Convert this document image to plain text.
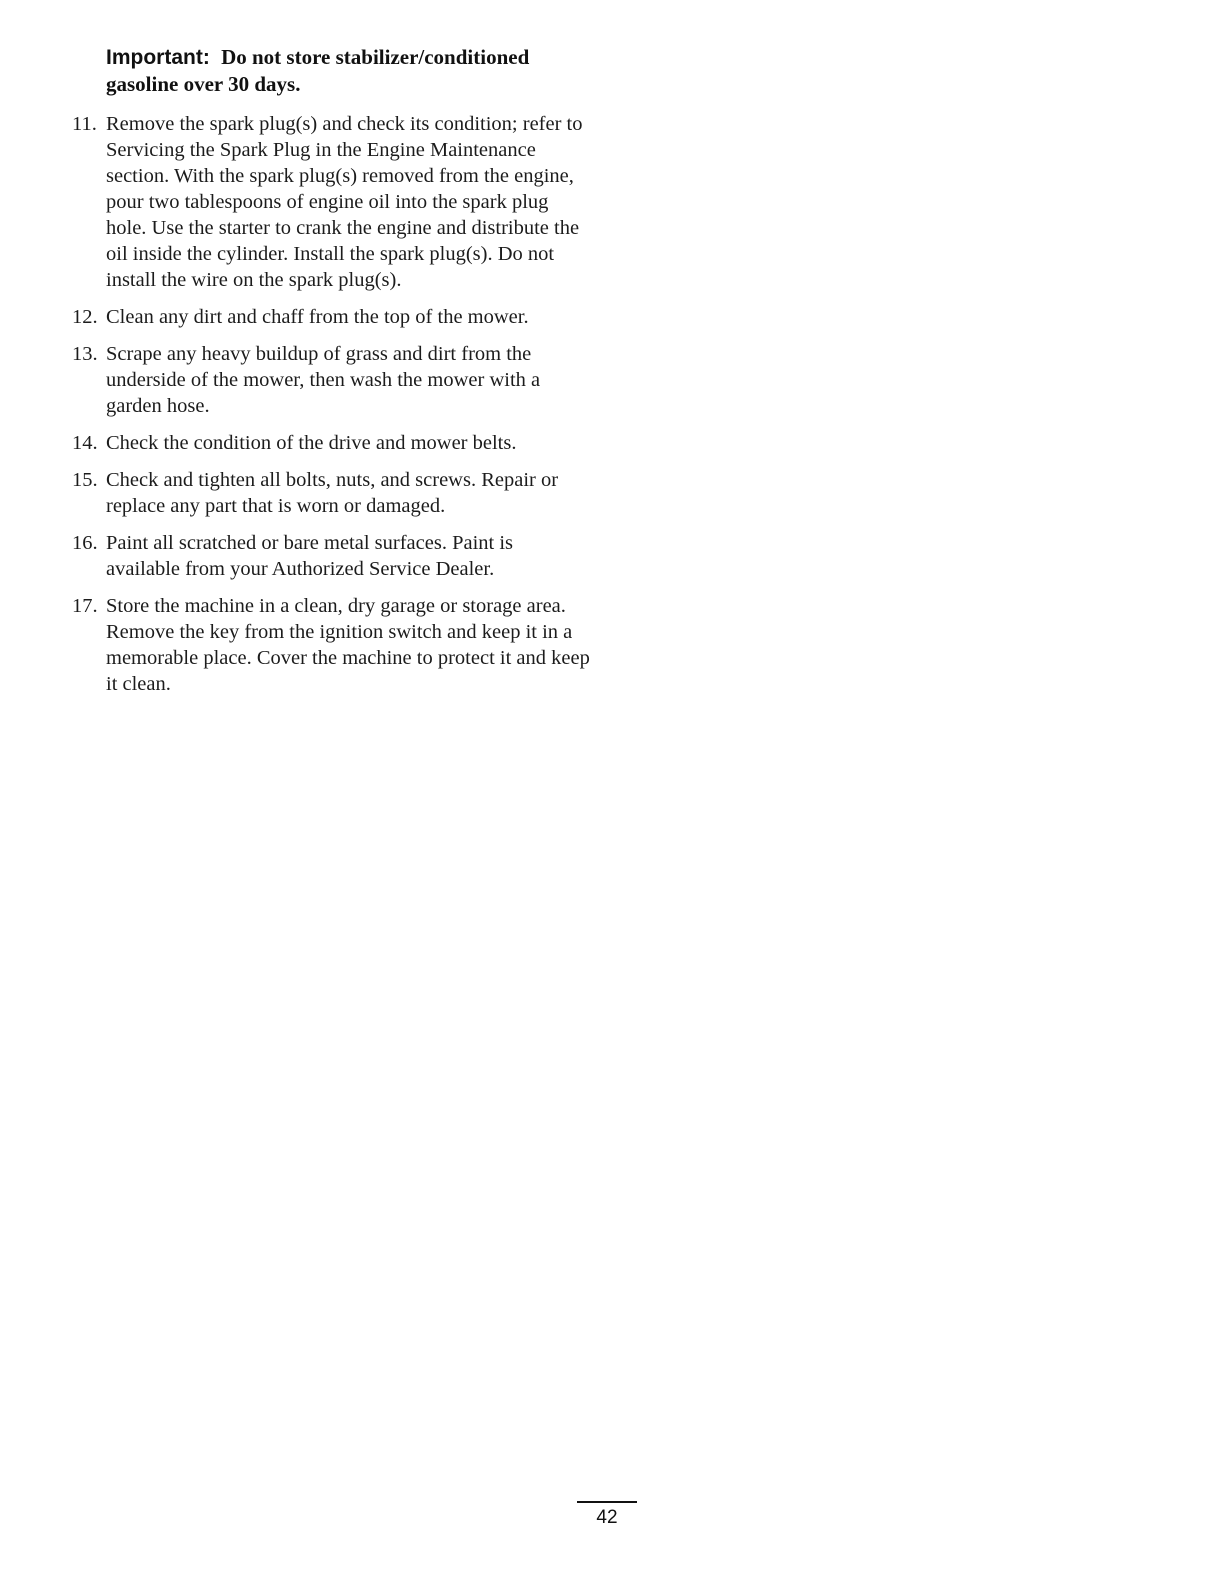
Important: Do not store stabilizer/conditioned gasoline over 30 days.

11. Remove the spark plug(s) and check its condition; refer to Servicing the Spark Plug in the Engine Maintenance section. With the spark plug(s) removed from the engine, pour two tablespoons of engine oil into the spark plug hole. Use the starter to crank the engine and distribute the oil inside the cylinder. Install the spark plug(s). Do not install the wire on the spark plug(s).
12. Clean any dirt and chaff from the top of the mower.
13. Scrape any heavy buildup of grass and dirt from the underside of the mower, then wash the mower with a garden hose.
14. Check the condition of the drive and mower belts.
15. Check and tighten all bolts, nuts, and screws. Repair or replace any part that is worn or damaged.
16. Paint all scratched or bare metal surfaces. Paint is available from your Authorized Service Dealer.
17. Store the machine in a clean, dry garage or storage area. Remove the key from the ignition switch and keep it in a memorable place. Cover the machine to protect it and keep it clean.
42
